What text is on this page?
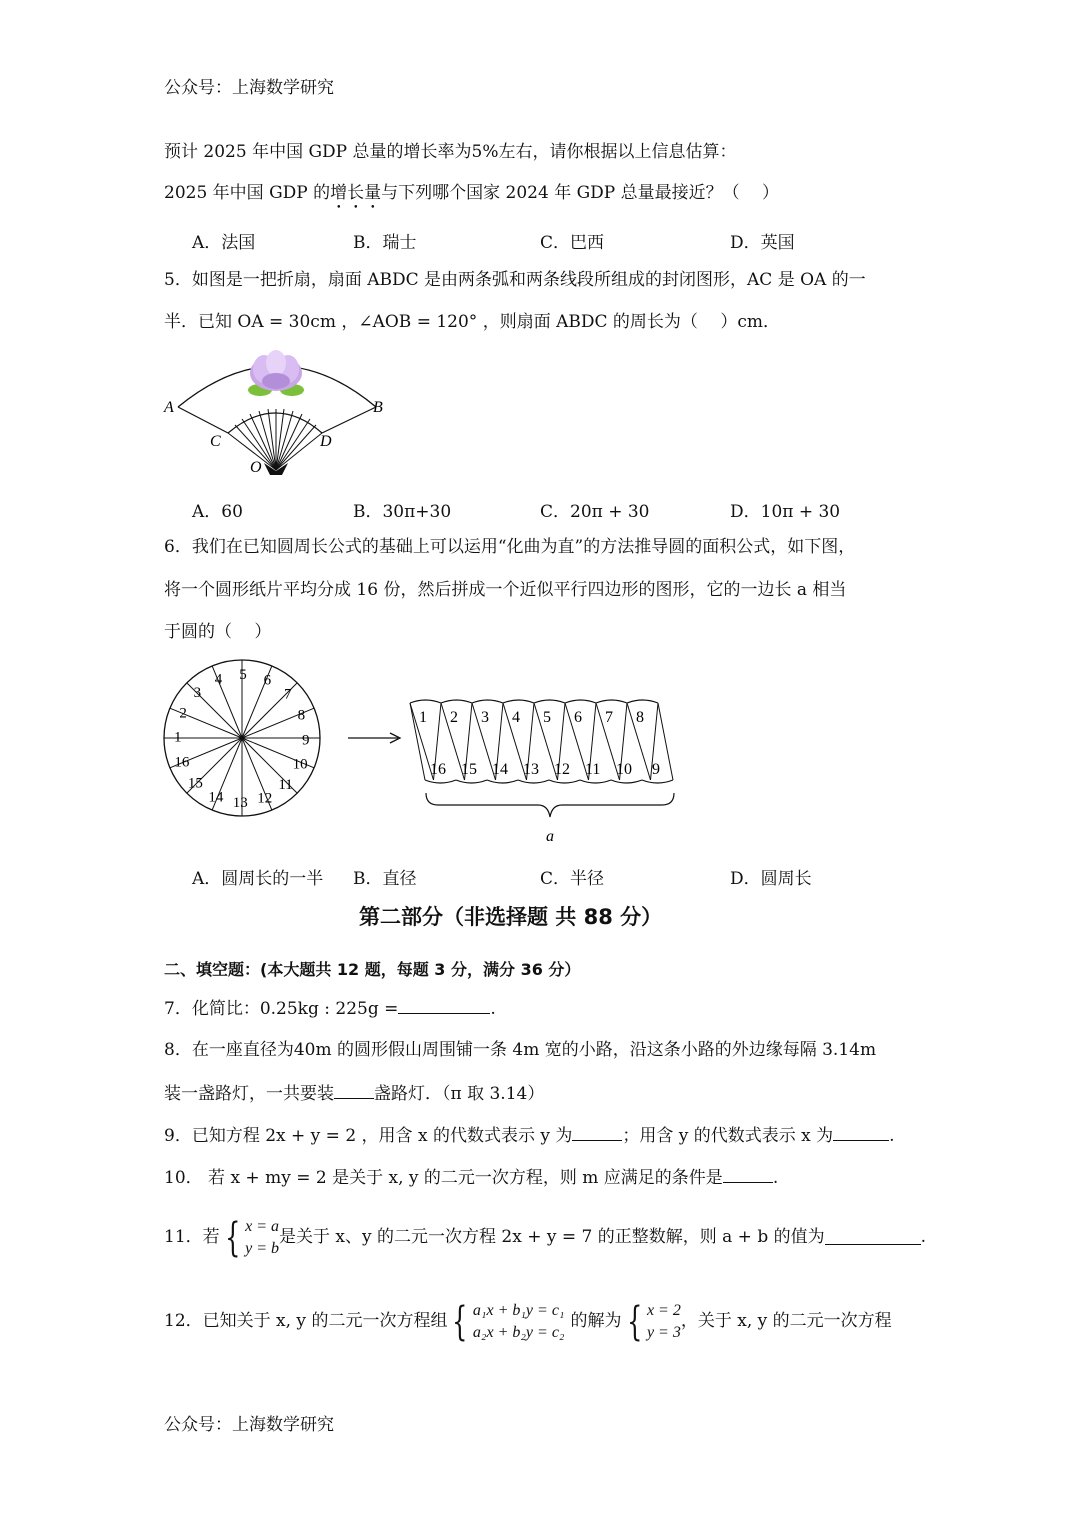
公众号：上海数学研究
预计 2025 年中国 GDP 总量的增长率为5%左右，请你根据以上信息估算：
2025 年中国 GDP 的增长量与下列哪个国家 2024 年 GDP 总量最接近？（　 ）
A．法国	B．瑞士	C．巴西	D．英国
5．如图是一把折扇，扇面 ABDC 是由两条弧和两条线段所组成的封闭图形，AC 是 OA 的一
半．已知 OA = 30cm ，∠AOB = 120° ，则扇面 ABDC 的周长为（　 ）cm．
A	B
C	D
O
A．60	B．30π+30	C．20π + 30	D．10π + 30
6．我们在已知圆周长公式的基础上可以运用“化曲为直”的方法推导圆的面积公式，如下图，
将一个圆形纸片平均分成 16 份，然后拼成一个近似平行四边形的图形，它的一边长 a 相当
于圆的（　 ）
1
2
3
4 5 6
7
8
9
10
11
12
13
14
15
16
1
16
2
15
3
14
4
13
5
12
6
11
7
10
8
9
a
A．圆周长的一半 B．直径	C．半径	D．圆周长
第二部分（非选择题 共 88 分）
二、填空题：(本大题共 12 题，每题 3 分，满分 36 分）
7．化简比：0.25kg : 225g =	.
8．在一座直径为40m 的圆形假山周围铺一条 4m 宽的小路，沿这条小路的外边缘每隔 3.14m
装一盏路灯，一共要装 盏路灯．（π 取 3.14）
9．已知方程 2x + y = 2 ，用含 x 的代数式表示 y 为	；用含 y 的代数式表示 x 为	.
10． 若 x + my = 2 是关于 x, y 的二元一次方程，则 m 应满足的条件是	.
11．若 { x = a
y = b是关于 x、y 的二元一次方程 2x + y = 7 的正整数解，则 a + b 的值为	.
12．已知关于 x, y 的二元一次方程组 { a₁x + b₁y = c₁
a₂x + b₂y = c₂的解为 { x = 2
y = 3，关于 x, y 的二元一次方程
公众号：上海数学研究
